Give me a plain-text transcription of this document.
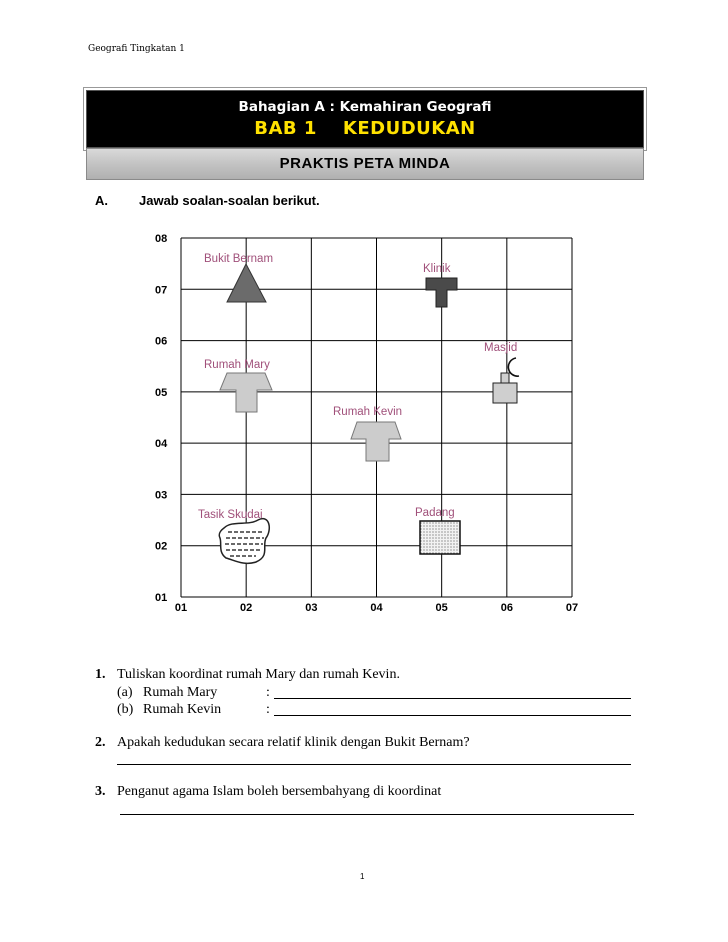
Geografi Tingkatan 1
Bahagian A : Kemahiran Geografi
BAB 1 KEDUDUKAN
PRAKTIS PETA MINDA
A. Jawab soalan-soalan berikut.
01	02	03	04	05	06	07
08
07
06
05
04
03
02
01
Bukit Bernam
Klinik
Masjid
Rumah Mary
Rumah Kevin
Tasik Skudai	Padang
1. Tuliskan koordinat rumah Mary dan rumah Kevin.
(a) Rumah Mary	:
(b) Rumah Kevin	:
2. Apakah kedudukan secara relatif klinik dengan Bukit Bernam?
3. Penganut agama Islam boleh bersembahyang di koordinat
1
